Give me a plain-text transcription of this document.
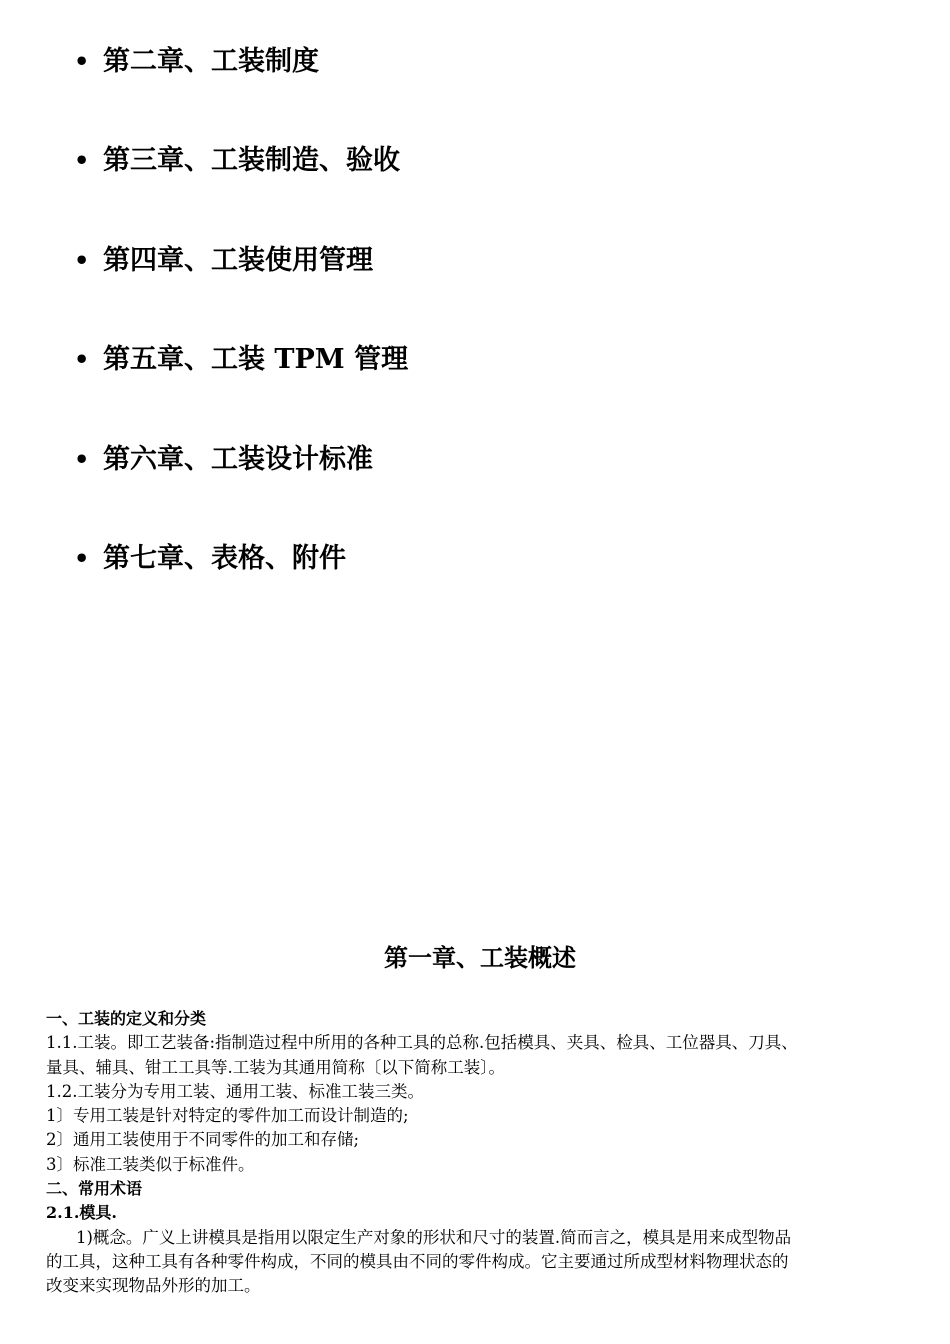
• 第二章、工装制度
• 第三章、工装制造、验收
• 第四章、工装使用管理
• 第五章、工装 TPM 管理
• 第六章、工装设计标准
• 第七章、表格、附件
第一章、工装概述
一、工装的定义和分类
1.1.工装。即工艺装备:指制造过程中所用的各种工具的总称.包括模具、夹具、检具、工位器具、刀具、
量具、辅具、钳工工具等.工装为其通用简称〔以下简称工装〕。
1.2.工装分为专用工装、通用工装、标准工装三类。
1〕专用工装是针对特定的零件加工而设计制造的;
2〕通用工装使用于不同零件的加工和存储;
3〕标准工装类似于标准件。
二、常用术语
2.1.模具.
1)概念。广义上讲模具是指用以限定生产对象的形状和尺寸的装置.简而言之，模具是用来成型物品
的工具，这种工具有各种零件构成，不同的模具由不同的零件构成。它主要通过所成型材料物理状态的
改变来实现物品外形的加工。
